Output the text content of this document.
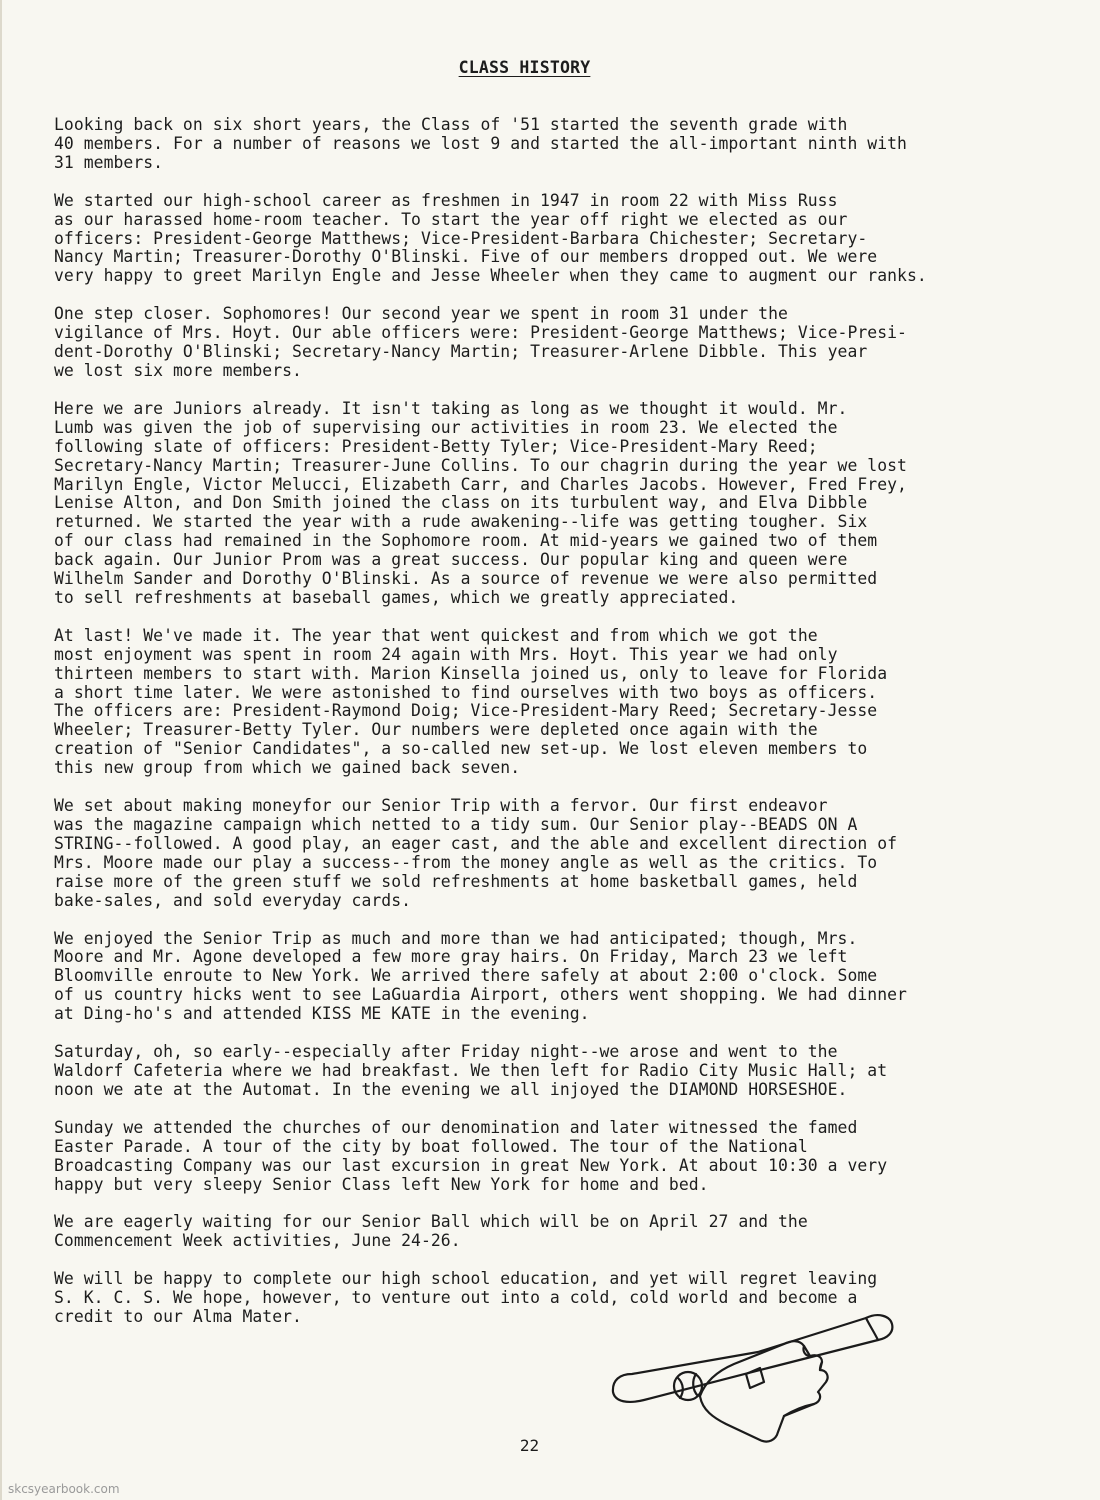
CLASS HISTORY

Looking back on six short years, the Class of '51 started the seventh grade with
40 members. For a number of reasons we lost 9 and started the all-important ninth with
31 members.

We started our high-school career as freshmen in 1947 in room 22 with Miss Russ
as our harassed home-room teacher. To start the year off right we elected as our
officers: President-George Matthews; Vice-President-Barbara Chichester; Secretary-
Nancy Martin; Treasurer-Dorothy O'Blinski. Five of our members dropped out. We were
very happy to greet Marilyn Engle and Jesse Wheeler when they came to augment our ranks.

One step closer. Sophomores! Our second year we spent in room 31 under the
vigilance of Mrs. Hoyt. Our able officers were: President-George Matthews; Vice-Presi-
dent-Dorothy O'Blinski; Secretary-Nancy Martin; Treasurer-Arlene Dibble. This year
we lost six more members.

Here we are Juniors already. It isn't taking as long as we thought it would. Mr.
Lumb was given the job of supervising our activities in room 23. We elected the
following slate of officers: President-Betty Tyler; Vice-President-Mary Reed;
Secretary-Nancy Martin; Treasurer-June Collins. To our chagrin during the year we lost
Marilyn Engle, Victor Melucci, Elizabeth Carr, and Charles Jacobs. However, Fred Frey,
Lenise Alton, and Don Smith joined the class on its turbulent way, and Elva Dibble
returned. We started the year with a rude awakening--life was getting tougher. Six
of our class had remained in the Sophomore room. At mid-years we gained two of them
back again. Our Junior Prom was a great success. Our popular king and queen were
Wilhelm Sander and Dorothy O'Blinski. As a source of revenue we were also permitted
to sell refreshments at baseball games, which we greatly appreciated.

At last! We've made it. The year that went quickest and from which we got the
most enjoyment was spent in room 24 again with Mrs. Hoyt. This year we had only
thirteen members to start with. Marion Kinsella joined us, only to leave for Florida
a short time later. We were astonished to find ourselves with two boys as officers.
The officers are: President-Raymond Doig; Vice-President-Mary Reed; Secretary-Jesse
Wheeler; Treasurer-Betty Tyler. Our numbers were depleted once again with the
creation of "Senior Candidates", a so-called new set-up. We lost eleven members to
this new group from which we gained back seven.

We set about making moneyfor our Senior Trip with a fervor. Our first endeavor
was the magazine campaign which netted to a tidy sum. Our Senior play--BEADS ON A
STRING--followed. A good play, an eager cast, and the able and excellent direction of
Mrs. Moore made our play a success--from the money angle as well as the critics. To
raise more of the green stuff we sold refreshments at home basketball games, held
bake-sales, and sold everyday cards.

We enjoyed the Senior Trip as much and more than we had anticipated; though, Mrs.
Moore and Mr. Agone developed a few more gray hairs. On Friday, March 23 we left
Bloomville enroute to New York. We arrived there safely at about 2:00 o'clock. Some
of us country hicks went to see LaGuardia Airport, others went shopping. We had dinner
at Ding-ho's and attended KISS ME KATE in the evening.

Saturday, oh, so early--especially after Friday night--we arose and went to the
Waldorf Cafeteria where we had breakfast. We then left for Radio City Music Hall; at
noon we ate at the Automat. In the evening we all injoyed the DIAMOND HORSESHOE.

Sunday we attended the churches of our denomination and later witnessed the famed
Easter Parade. A tour of the city by boat followed. The tour of the National
Broadcasting Company was our last excursion in great New York. At about 10:30 a very
happy but very sleepy Senior Class left New York for home and bed.

We are eagerly waiting for our Senior Ball which will be on April 27 and the
Commencement Week activities, June 24-26.

We will be happy to complete our high school education, and yet will regret leaving
S. K. C. S. We hope, however, to venture out into a cold, cold world and become a
credit to our Alma Mater.

22
skcsyearbook.com
